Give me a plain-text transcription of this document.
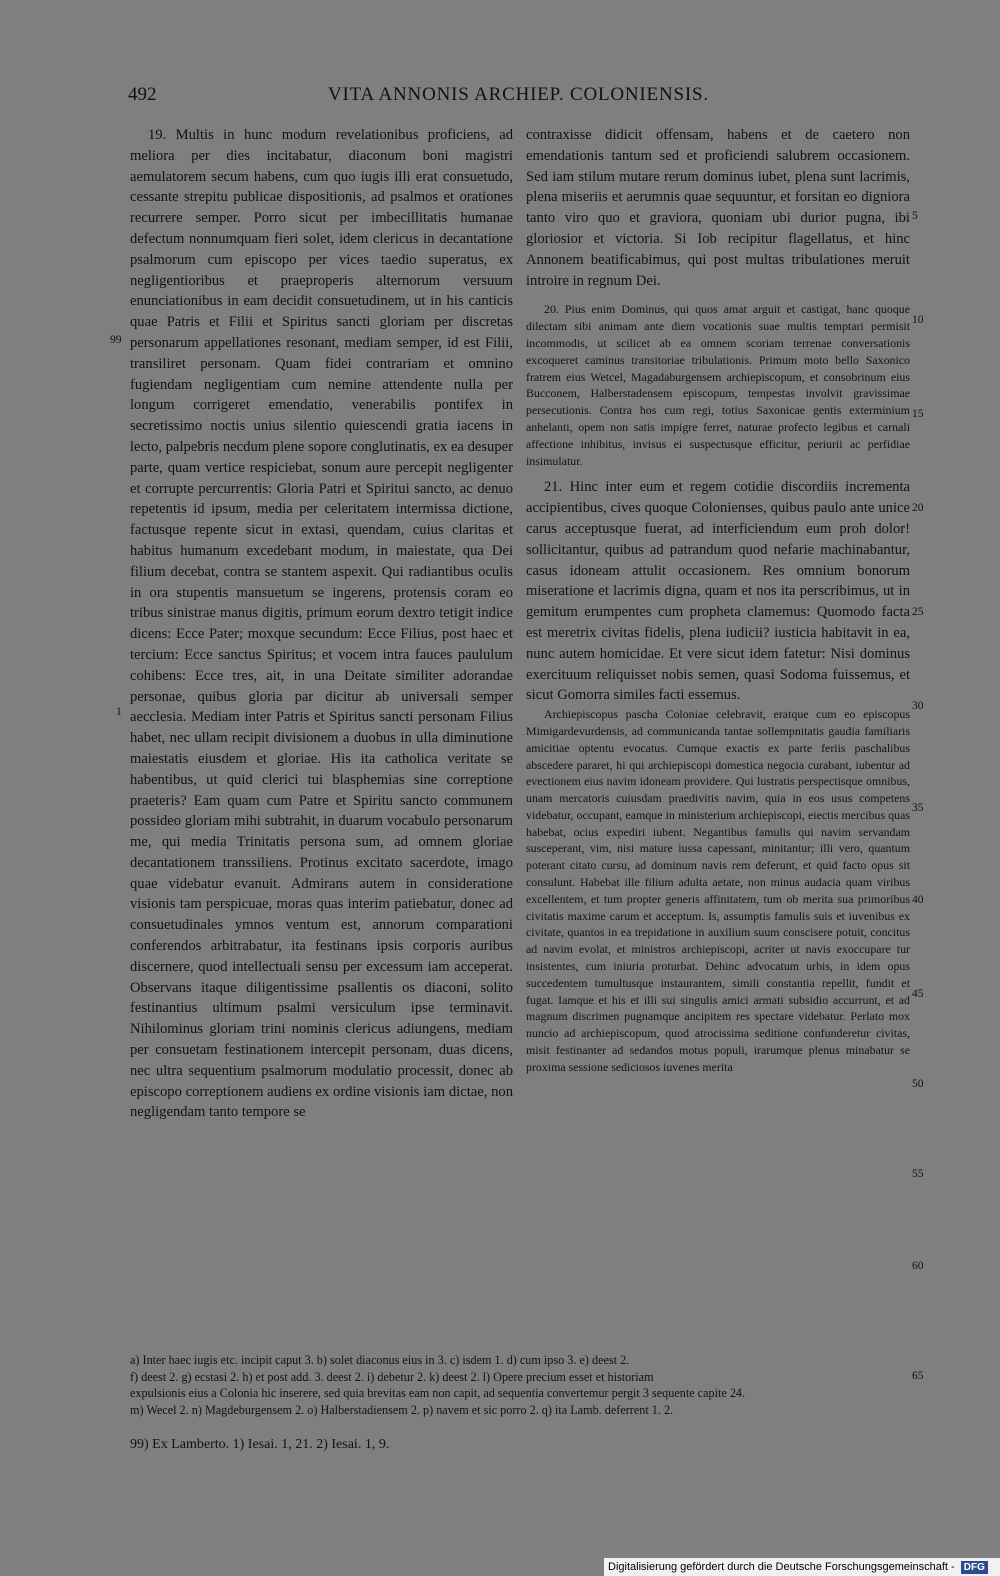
492	VITA ANNONIS ARCHIEP. COLONIENSIS.

19. Multis in hunc modum revelationibus proficiens, ad meliora per dies incitabatur, diaconum boni magistri aemulatorem secum habens, cum quo iugis illi erat consuetudo, cessante strepitu publicae dispositionis, ad psalmos et orationes recurrere semper. Porro sicut per imbecillitatis humanae defectum nonnumquam fieri solet, idem clericus in decantatione psalmorum cum episcopo per vices taedio superatus, ex negligentioribus et praeproperis alternorum versuum enunciationibus in eam decidit consuetudinem, ut in his canticis quae Patris et Filii et Spiritus sancti gloriam per discretas personarum appellationes resonant, mediam semper, id est Filii, transiliret personam. Quam fidei contrariam et omnino fugiendam negligentiam cum nemine attendente nulla per longum corrigeret emendatio, venerabilis pontifex in secretissimo noctis unius silentio quiescendi gratia iacens in lecto, palpebris necdum plene sopore conglutinatis, ex ea desuper parte, quam vertice respiciebat, sonum aure percepit negligenter et corrupte percurrentis: Gloria Patri et Spiritui sancto, ac denuo repetentis id ipsum, media per celeritatem intermissa dictione, factusque repente sicut in extasi, quendam, cuius claritas et habitus humanum excedebant modum, in maiestate, qua Dei filium decebat, contra se stantem aspexit. Qui radiantibus oculis in ora stupentis mansuetum se ingerens, protensis coram eo tribus sinistrae manus digitis, primum eorum dextro tetigit indice dicens: Ecce Pater; moxque secundum: Ecce Filius, post haec et tercium: Ecce sanctus Spiritus; et vocem intra fauces paululum cohibens: Ecce tres, ait, in una Deitate similiter adorandae personae, quibus gloria par dicitur ab universali semper aecclesia. Mediam inter Patris et Spiritus sancti personam Filius habet, nec ullam recipit divisionem a duobus in ulla diminutione maiestatis eiusdem et gloriae. His ita catholica veritate se habentibus, ut quid clerici tui blasphemias sine correptione praeteris? Eam quam cum Patre et Spiritu sancto communem possideo gloriam mihi subtrahit, in duarum vocabulo personarum me, qui media Trinitatis persona sum, ad omnem gloriae decantationem transsiliens. Protinus excitato sacerdote, imago quae videbatur evanuit. Admirans autem in consideratione visionis tam perspicuae, moras quas interim patiebatur, donec ad consuetudinales ymnos ventum est, annorum comparationi conferendos arbitrabatur, ita festinans ipsis corporis auribus discernere, quod intellectuali sensu per excessum iam acceperat. Observans itaque diligentissime psallentis os diaconi, solito festinantius ultimum psalmi versiculum ipse terminavit. Nihilominus gloriam trini nominis clericus adiungens, mediam per consuetam festinationem intercepit personam, duas dicens, nec ultra sequentium psalmorum modulatio processit, donec ab episcopo correptionem audiens ex ordine visionis iam dictae, non negligendam tanto tempore se

contraxisse didicit offensam, habens et de caetero non emendationis tantum sed et proficiendi salubrem occasionem. Sed iam stilum mutare rerum dominus iubet, plena sunt lacrimis, plena miseriis et aerumnis quae sequuntur, et forsitan eo digniora tanto viro quo et graviora, quoniam ubi durior pugna, ibi gloriosior et victoria. Si Iob recipitur flagellatus, et hinc Annonem beatificabimus, qui post multas tribulationes meruit introire in regnum Dei.

20. Pius enim Dominus, qui quos amat arguit et castigat, hanc quoque dilectam sibi animam ante diem vocationis suae multis temptari permisit incommodis, ut scilicet ab ea omnem scoriam terrenae conversationis excoqueret caminus transitoriae tribulationis. Primum moto bello Saxonico fratrem eius Wetcel, Magadaburgensem archiepiscopum, et consobrinum eius Bucconem, Halberstadensem episcopum, tempestas involvit gravissimae persecutionis. Contra hos cum regi, totius Saxonicae gentis exterminium anhelanti, opem non satis impigre ferret, naturae profecto legibus et carnali affectione inhibitus, invisus ei suspectusque efficitur, periurii ac perfidiae insimulatur.

21. Hinc inter eum et regem cotidie discordiis incrementa accipientibus, cives quoque Colonienses, quibus paulo ante unice carus acceptusque fuerat, ad interficiendum eum proh dolor! sollicitantur, quibus ad patrandum quod nefarie machinabantur, casus idoneam attulit occasionem. Res omnium bonorum miseratione et lacrimis digna, quam et nos ita perscribimus, ut in gemitum erumpentes cum propheta clamemus: Quomodo facta est meretrix civitas fidelis, plena iudicii? iusticia habitavit in ea, nunc autem homicidae. Et vere sicut idem fatetur: Nisi dominus exercituum reliquisset nobis semen, quasi Sodoma fuissemus, et sicut Gomorra similes facti essemus.

Archiepiscopus pascha Coloniae celebravit, eratque cum eo episcopus Mimigardevurdensis, ad communicanda tantae sollempnitatis gaudia familiaris amicitiae optentu evocatus. Cumque exactis ex parte feriis paschalibus abscedere pararet, hi qui archiepiscopi domestica negocia curabant, iubentur ad evectionem eius navim idoneam providere. Qui lustratis perspectisque omnibus, unam mercatoris cuiusdam praedivitis navim, quia in eos usus competens videbatur, occupant, eamque in ministerium archiepiscopi, eiectis mercibus quas habebat, ocius expediri iubent. Negantibus famulis qui navim servandam susceperant, vim, nisi mature iussa capessant, minitantur; illi vero, quantum poterant citato cursu, ad dominum navis rem deferunt, et quid facto opus sit consulunt. Habebat ille filium adulta aetate, non minus audacia quam viribus excellentem, et tum propter generis affinitatem, tum ob merita sua primoribus civitatis maxime carum et acceptum. Is, assumptis famulis suis et iuvenibus ex civitate, quantos in ea trepidatione in auxilium suum conscisere potuit, concitus ad navim evolat, et ministros archiepiscopi, acriter ut navis exoccupare tur insistentes, cum iniuria proturbat. Dehinc advocatum urbis, in idem opus succedentem tumultusque instaurantem, simili constantia repellit, fundit et fugat. Iamque et his et illi sui singulis amici armati subsidio accurrunt, et ad magnum discrimen pugnamque ancipitem res spectare videbatur. Perlato mox nuncio ad archiepiscopum, quod atrocissima seditione confunderetur civitas, misit festinanter ad sedandos motus populi, irarumque plenus minabatur se proxima sessione sediciosos iuvenes merita

99
1
5
10
15
20
25
30
35
40
45
50
55
60
65

a) Inter haec iugis etc. incipit caput 3. b) solet diaconus eius in 3. c) isdem 1. d) cum ipso 3. e) deest 2.

f) deest 2. g) ecstasi 2. h) et post add. 3. deest 2. i) debetur 2. k) deest 2. l) Opere precium esset et historiam

expulsionis eius a Colonia hic inserere, sed quia brevitas eam non capit, ad sequentia convertemur pergit 3 sequente capite 24.

m) Wecel 2. n) Magdeburgensem 2. o) Halberstadiensem 2. p) navem et sic porro 2. q) ita Lamb. deferrent 1. 2.

99) Ex Lamberto. 1) Iesai. 1, 21. 2) Iesai. 1, 9.
Digitalisierung gefördert durch die Deutsche Forschungsgemeinschaft - DFG
